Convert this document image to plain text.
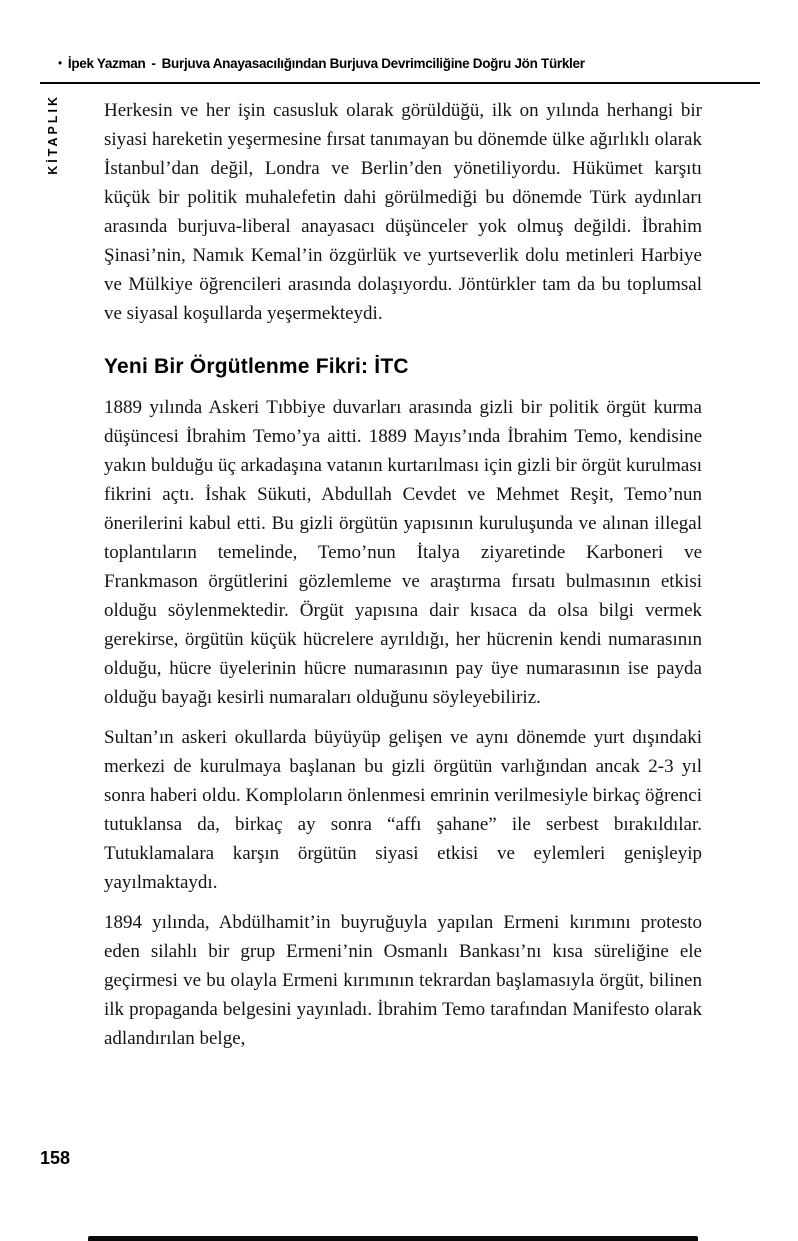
• İpek Yazman - Burjuva Anayasacılığından Burjuva Devrimciliğine Doğru Jön Türkler
KİTAPLIK Herkesin ve her işin casusluk olarak görüldüğü, ilk on yılında herhangi bir siyasi hareketin yeşermesine fırsat tanımayan bu dönemde ülke ağırlıklı olarak İstanbul’dan değil, Londra ve Berlin’den yönetiliyordu. Hükümet karşıtı küçük bir politik muhalefetin dahi görülmediği bu dönemde Türk aydınları arasında burjuva-liberal anayasacı düşünceler yok olmuş değildi. İbrahim Şinasi’nin, Namık Kemal’in özgürlük ve yurtseverlik dolu metinleri Harbiye ve Mülkiye öğrencileri arasında dolaşıyordu. Jöntürkler tam da bu toplumsal ve siyasal koşullarda yeşermekteydi.

Yeni Bir Örgütlenme Fikri: İTC

1889 yılında Askeri Tıbbiye duvarları arasında gizli bir politik örgüt kurma düşüncesi İbrahim Temo’ya aitti. 1889 Mayıs’ında İbrahim Temo, kendisine yakın bulduğu üç arkadaşına vatanın kurtarılması için gizli bir örgüt kurulması fikrini açtı. İshak Sükuti, Abdullah Cevdet ve Mehmet Reşit, Temo’nun önerilerini kabul etti. Bu gizli örgütün yapısının kuruluşunda ve alınan illegal toplantıların temelinde, Temo’nun İtalya ziyaretinde Karboneri ve Frankmason örgütlerini gözlemleme ve araştırma fırsatı bulmasının etkisi olduğu söylenmektedir. Örgüt yapısına dair kısaca da olsa bilgi vermek gerekirse, örgütün küçük hücrelere ayrıldığı, her hücrenin kendi numarasının olduğu, hücre üyelerinin hücre numarasının pay üye numarasının ise payda olduğu bayağı kesirli numaraları olduğunu söyleyebiliriz.

Sultan’ın askeri okullarda büyüyüp gelişen ve aynı dönemde yurt dışındaki merkezi de kurulmaya başlanan bu gizli örgütün varlığından ancak 2-3 yıl sonra haberi oldu. Komploların önlenmesi emrinin verilmesiyle birkaç öğrenci tutuklansa da, birkaç ay sonra “affı şahane” ile serbest bırakıldılar. Tutuklamalara karşın örgütün siyasi etkisi ve eylemleri genişleyip yayılmaktaydı.

1894 yılında, Abdülhamit’in buyruğuyla yapılan Ermeni kırımını protesto eden silahlı bir grup Ermeni’nin Osmanlı Bankası’nı kısa süreliğine ele geçirmesi ve bu olayla Ermeni kırımının tekrardan başlamasıyla örgüt, bilinen ilk propaganda belgesini yayınladı. İbrahim Temo tarafından Manifesto olarak adlandırılan belge,

158
